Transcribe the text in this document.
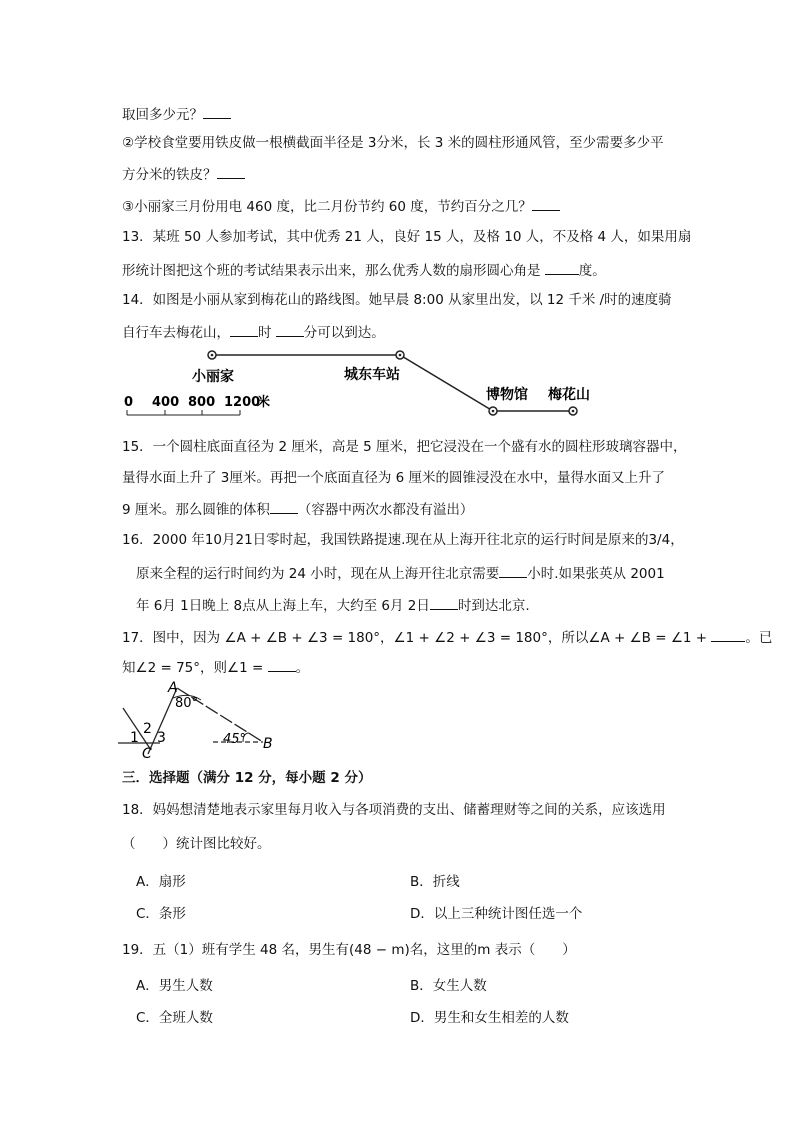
取回多少元？
②学校食堂要用铁皮做一根横截面半径是 3分米，长 3 米的圆柱形通风管，至少需要多少平
方分米的铁皮？
③小丽家三月份用电 460 度，比二月份节约 60 度，节约百分之几？
13．某班 50 人参加考试，其中优秀 21 人，良好 15 人，及格 10 人，不及格 4 人，如果用扇
形统计图把这个班的考试结果表示出来，那么优秀人数的扇形圆心角是	度。
14．如图是小丽从家到梅花山的路线图。她早晨 8:00 从家里出发，以 12 千米 /时的速度骑
自行车去梅花山， 时 分可以到达。
小丽家	城东车站
博物馆 梅花山
0 400 800 1200
米
15．一个圆柱底面直径为 2 厘米，高是 5 厘米，把它浸没在一个盛有水的圆柱形玻璃容器中，
量得水面上升了 3厘米。再把一个底面直径为 6 厘米的圆锥浸没在水中，量得水面又上升了
9 厘米。那么圆锥的体积 （容器中两次水都没有溢出）
16．2000 年10月21日零时起，我国铁路提速.现在从上海开往北京的运行时间是原来的3/4，
原来全程的运行时间约为 24 小时，现在从上海开往北京需要 小时.如果张英从 2001
年 6月 1日晚上 8点从上海上车，大约至 6月 2日 时到达北京.
17．图中，因为 ∠A + ∠B + ∠3 = 180°，∠1 + ∠2 + ∠3 = 180°，所以∠A + ∠B = ∠1 +	。已
知∠2 = 75°，则∠1 = 。
A
80°
2
1 3
C
45° B
三．选择题（满分 12 分，每小题 2 分）
18．妈妈想清楚地表示家里每月收入与各项消费的支出、储蓄理财等之间的关系，应该选用
（　　）统计图比较好。
A．扇形	B．折线
C．条形	D．以上三种统计图任选一个
19．五（1）班有学生 48 名，男生有(48 − m)名，这里的m 表示（　　）
A．男生人数	B．女生人数
C．全班人数	D．男生和女生相差的人数
